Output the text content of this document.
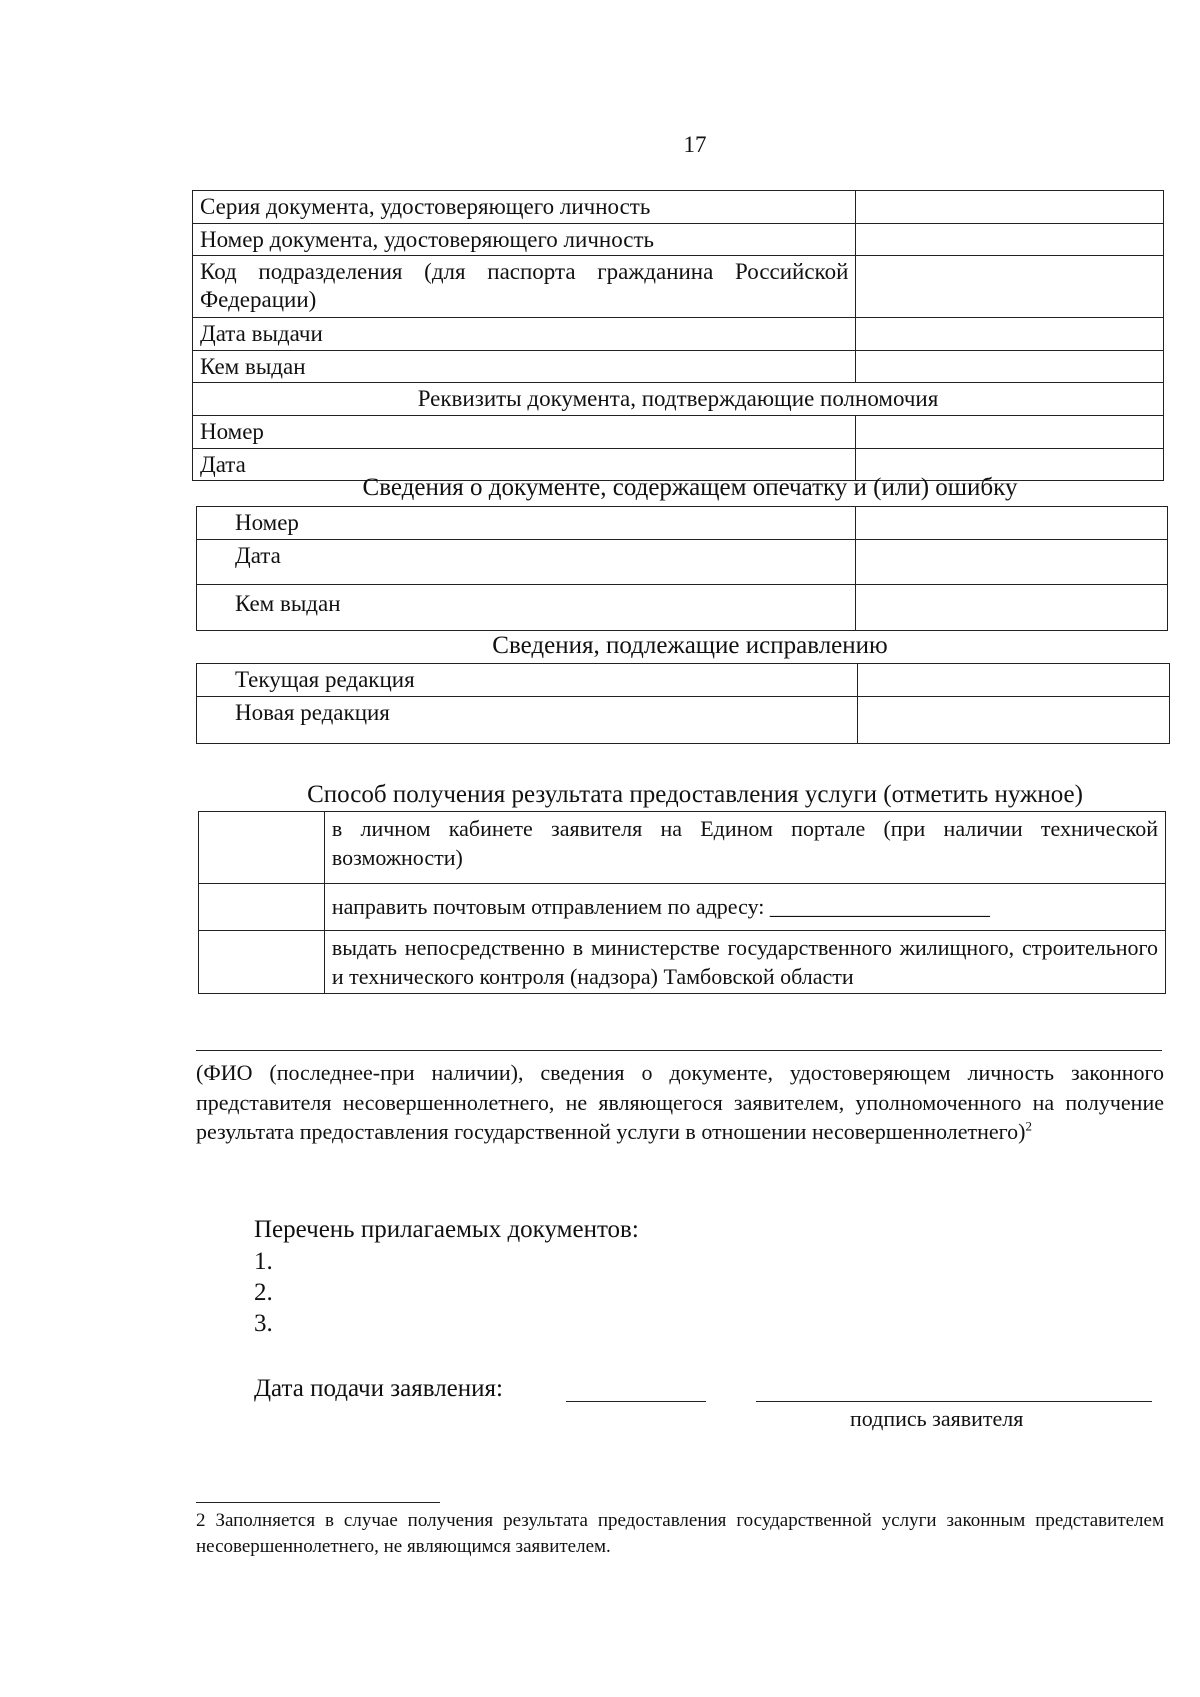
17
Серия документа, удостоверяющего личность	
Номер документа, удостоверяющего личность	
Код подразделения (для паспорта гражданина Российской Федерации)	
Дата выдачи	
Кем выдан	
Реквизиты документа, подтверждающие полномочия	
Номер	
Дата	
Сведения о документе, содержащем опечатку и (или) ошибку
Номер	
Дата	
Кем выдан	
Сведения, подлежащие исправлению
Текущая редакция	
Новая редакция	
Способ получения результата предоставления услуги (отметить нужное)
	в личном кабинете заявителя на Едином портале (при наличии технической возможности)
	направить почтовым отправлением по адресу: ____________________
	выдать непосредственно в министерстве государственного жилищного, строительного и технического контроля (надзора) Тамбовской области
(ФИО (последнее-при наличии), сведения о документе, удостоверяющем личность законного представителя несовершеннолетнего, не являющегося заявителем, уполномоченного на получение результата предоставления государственной услуги в отношении несовершеннолетнего)$^2$
Перечень прилагаемых документов:
1.
2.
3.
Дата подачи заявления:
подпись заявителя
2 Заполняется в случае получения результата предоставления государственной услуги законным представителем несовершеннолетнего, не являющимся заявителем.
